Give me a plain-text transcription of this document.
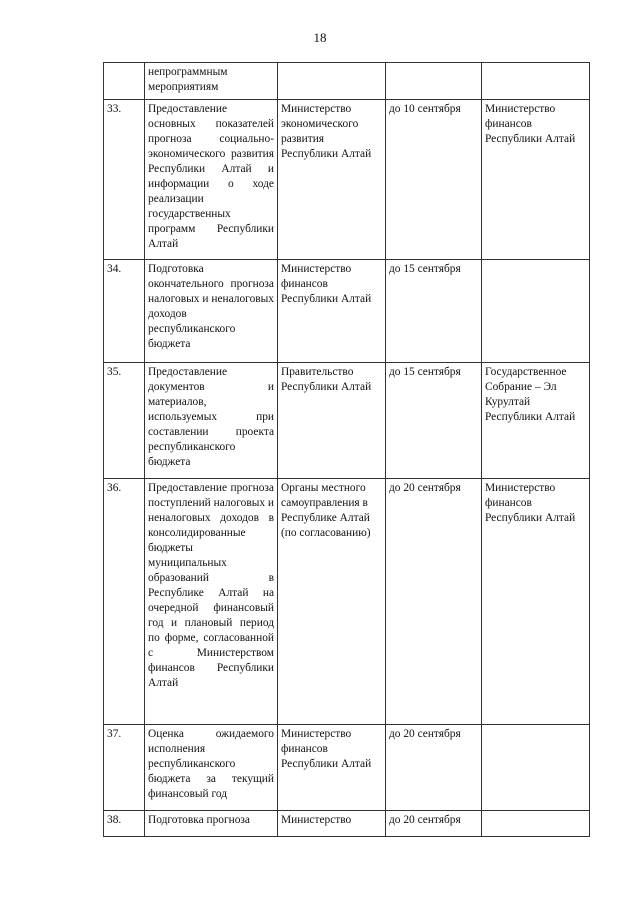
18
	непрограммным мероприятиям			
33.	Предоставление основных показателей прогноза социально-экономического развития Республики Алтай и информации о ходе реализации государственных программ Республики Алтай	Министерство экономического развития Республики Алтай	до 10 сентября	Министерство финансов Республики Алтай
34.	Подготовка окончательного прогноза налоговых и неналоговых доходов республиканского бюджета	Министерство финансов Республики Алтай	до 15 сентября	
35.	Предоставление документов и материалов, используемых при составлении проекта республиканского бюджета	Правительство Республики Алтай	до 15 сентября	Государственное Собрание – Эл Курултай Республики Алтай
36.	Предоставление прогноза поступлений налоговых и неналоговых доходов в консолидированные бюджеты муниципальных образований в Республике Алтай на очередной финансовый год и плановый период по форме, согласованной с Министерством финансов Республики Алтай	Органы местного самоуправления в Республике Алтай (по согласованию)	до 20 сентября	Министерство финансов Республики Алтай
37.	Оценка ожидаемого исполнения республиканского бюджета за текущий финансовый год	Министерство финансов Республики Алтай	до 20 сентября	
38.	Подготовка прогноза	Министерство	до 20 сентября	
